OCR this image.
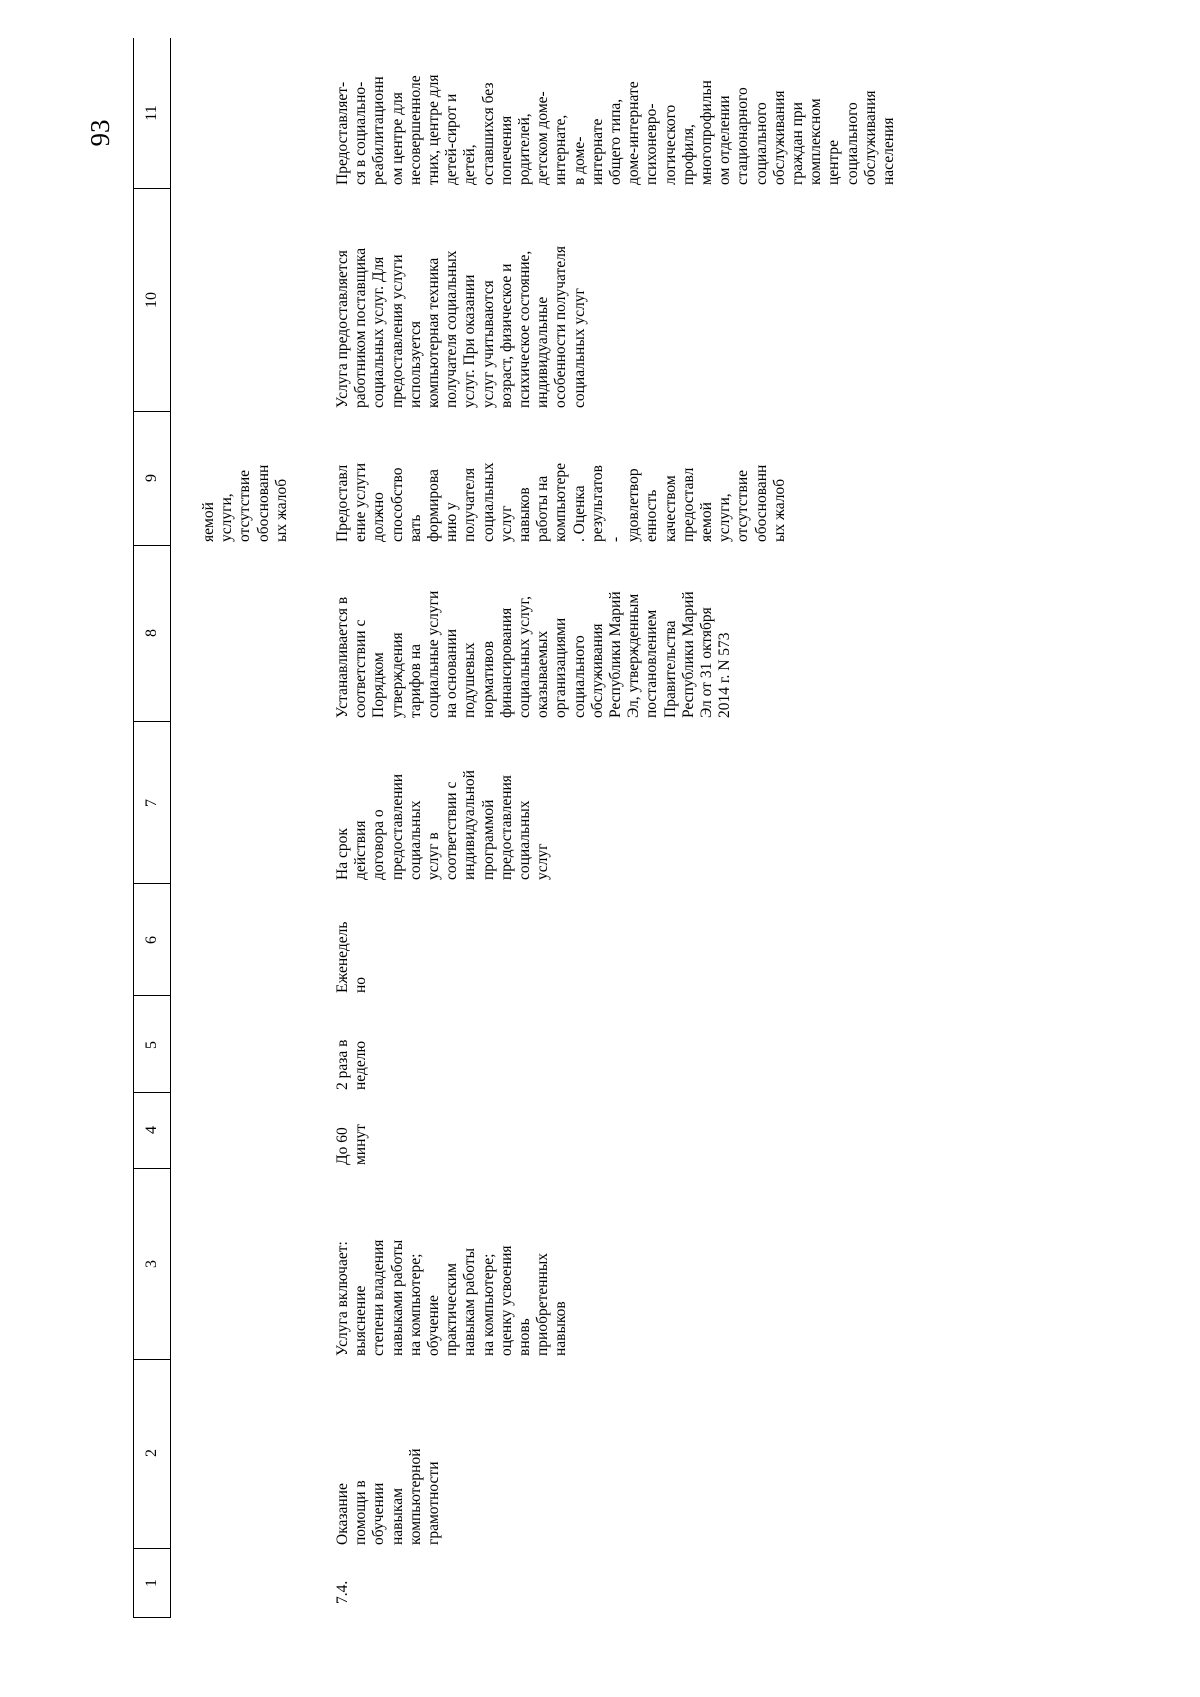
93
11
10
9
8
7
6
5
4
3
2
1
яемой
услуги,
отсутствие
обоснованн
ых жалоб
7.4.
Оказание
помощи в
обучении
навыкам
компьютерной
грамотности
Услуга включает:
выяснение
степени владения
навыками работы
на компьютере;
обучение
практическим
навыкам работы
на компьютере;
оценку усвоения
вновь
приобретенных
навыков
До 60
минут
2 раза в
неделю
Еженедель
но
На срок
действия
договора о
предоставлении
социальных
услуг в
соответствии с
индивидуальной
программой
предоставления
социальных
услуг
Устанавливается в
соответствии с
Порядком
утверждения
тарифов на
социальные услуги
на основании
подушевых
нормативов
финансирования
социальных услуг,
оказываемых
организациями
социального
обслуживания
Республики Марий
Эл, утвержденным
постановлением
Правительства
Республики Марий
Эл от 31 октября
2014 г. N 573
Предоставл
ение услуги
должно
способство
вать
формирова
нию у
получателя
социальных
услуг
навыков
работы на
компьютере
. Оценка
результатов
-
удовлетвор
енность
качеством
предоставл
яемой
услуги,
отсутствие
обоснованн
ых жалоб
Услуга предоставляется
работником поставщика
социальных услуг. Для
предоставления услуги
используется
компьютерная техника
получателя социальных
услуг. При оказании
услуг учитываются
возраст, физическое и
психическое состояние,
индивидуальные
особенности получателя
социальных услуг
Предоставляет-
ся в социально-
реабилитационн
ом центре для
несовершенноле
тних, центре для
детей-сирот и
детей,
оставшихся без
попечения
родителей,
детском доме-
интернате,
в доме-
интернате
общего типа,
доме-интернате
психоневро-
логического
профиля,
многопрофильн
ом отделении
стационарного
социального
обслуживания
граждан при
комплексном
центре
социального
обслуживания
населения
